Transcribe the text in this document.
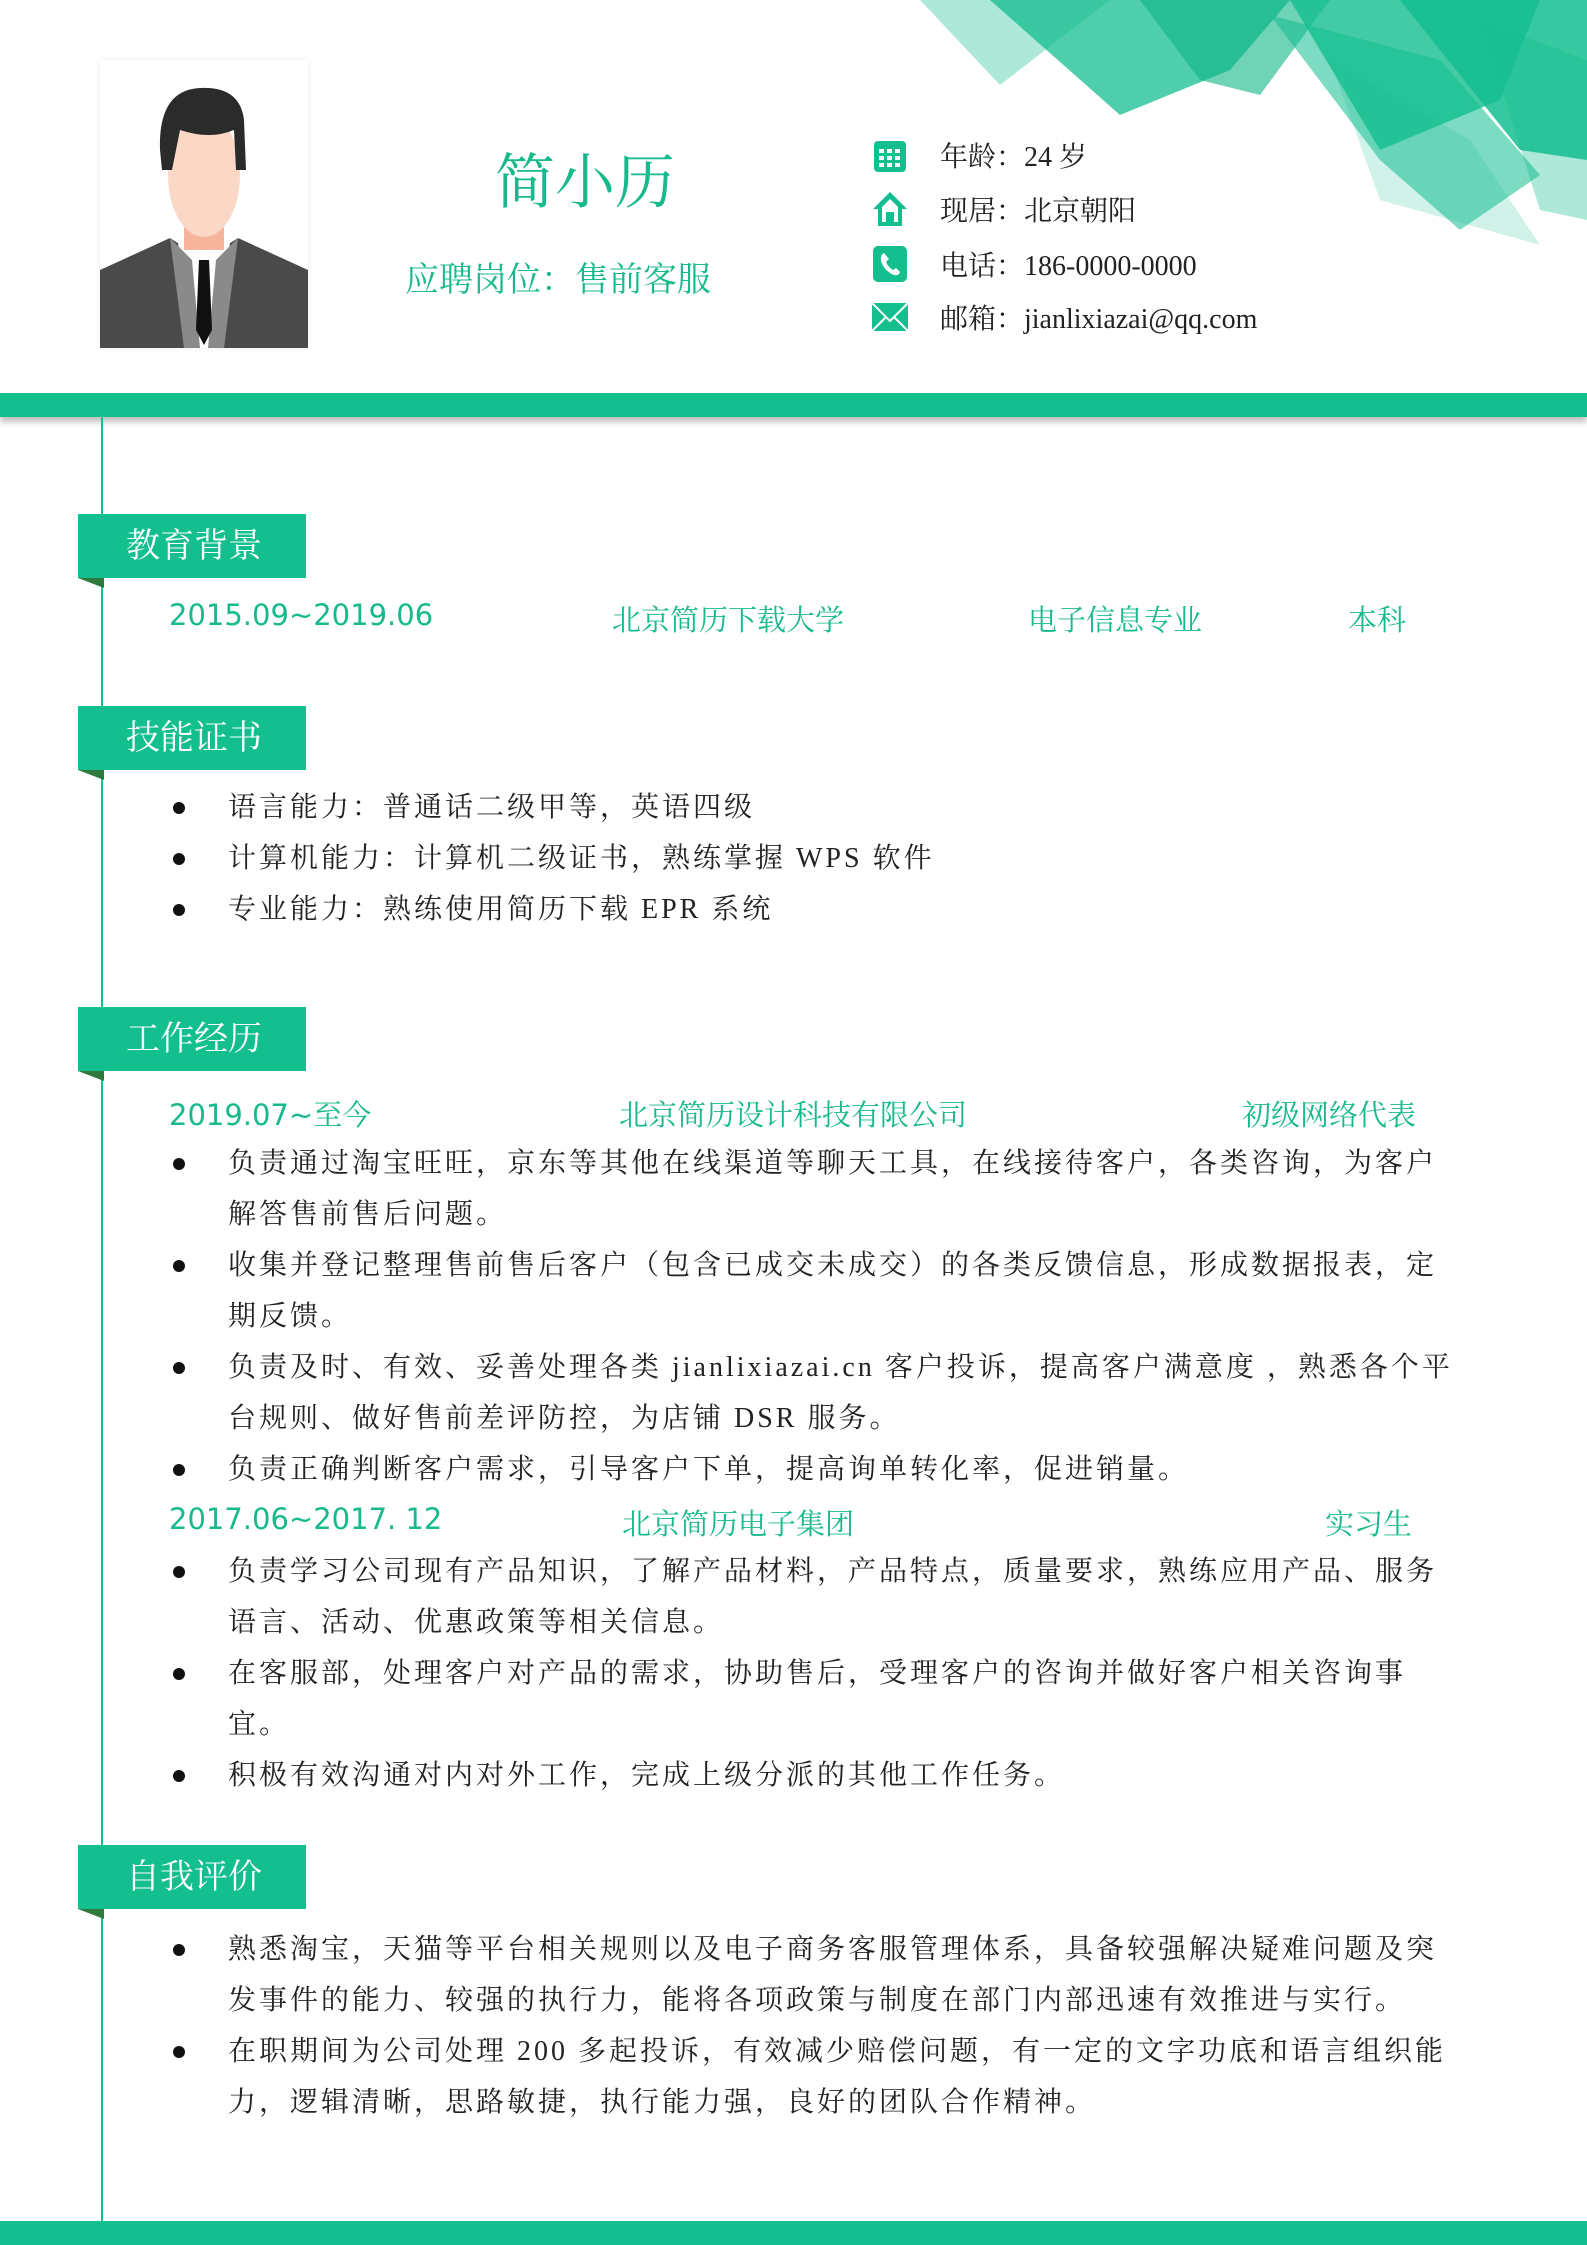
简小历
应聘岗位：售前客服
年龄：24 岁
现居：北京朝阳
电话：186-0000-0000
邮箱：jianlixiazai@qq.com
教育背景
2015.09~2019.06	北京简历下载大学	电子信息专业	本科
技能证书
语言能力：普通话二级甲等，英语四级
计算机能力：计算机二级证书，熟练掌握 WPS 软件
专业能力：熟练使用简历下载 EPR 系统
工作经历
2019.07~至今	北京简历设计科技有限公司	初级网络代表
负责通过淘宝旺旺，京东等其他在线渠道等聊天工具，在线接待客户，各类咨询，为客户解答售前售后问题。
收集并登记整理售前售后客户（包含已成交未成交）的各类反馈信息，形成数据报表，定期反馈。
负责及时、有效、妥善处理各类 jianlixiazai.cn 客户投诉，提高客户满意度 ，熟悉各个平台规则、做好售前差评防控，为店铺 DSR 服务。
负责正确判断客户需求，引导客户下单，提高询单转化率，促进销量。
2017.06~2017. 12	北京简历电子集团	实习生
负责学习公司现有产品知识，了解产品材料，产品特点，质量要求，熟练应用产品、服务语言、活动、优惠政策等相关信息。
在客服部，处理客户对产品的需求，协助售后，受理客户的咨询并做好客户相关咨询事宜。
积极有效沟通对内对外工作，完成上级分派的其他工作任务。
自我评价
熟悉淘宝，天猫等平台相关规则以及电子商务客服管理体系，具备较强解决疑难问题及突发事件的能力、较强的执行力，能将各项政策与制度在部门内部迅速有效推进与实行。
在职期间为公司处理 200 多起投诉，有效减少赔偿问题，有一定的文字功底和语言组织能力，逻辑清晰，思路敏捷，执行能力强，良好的团队合作精神。
